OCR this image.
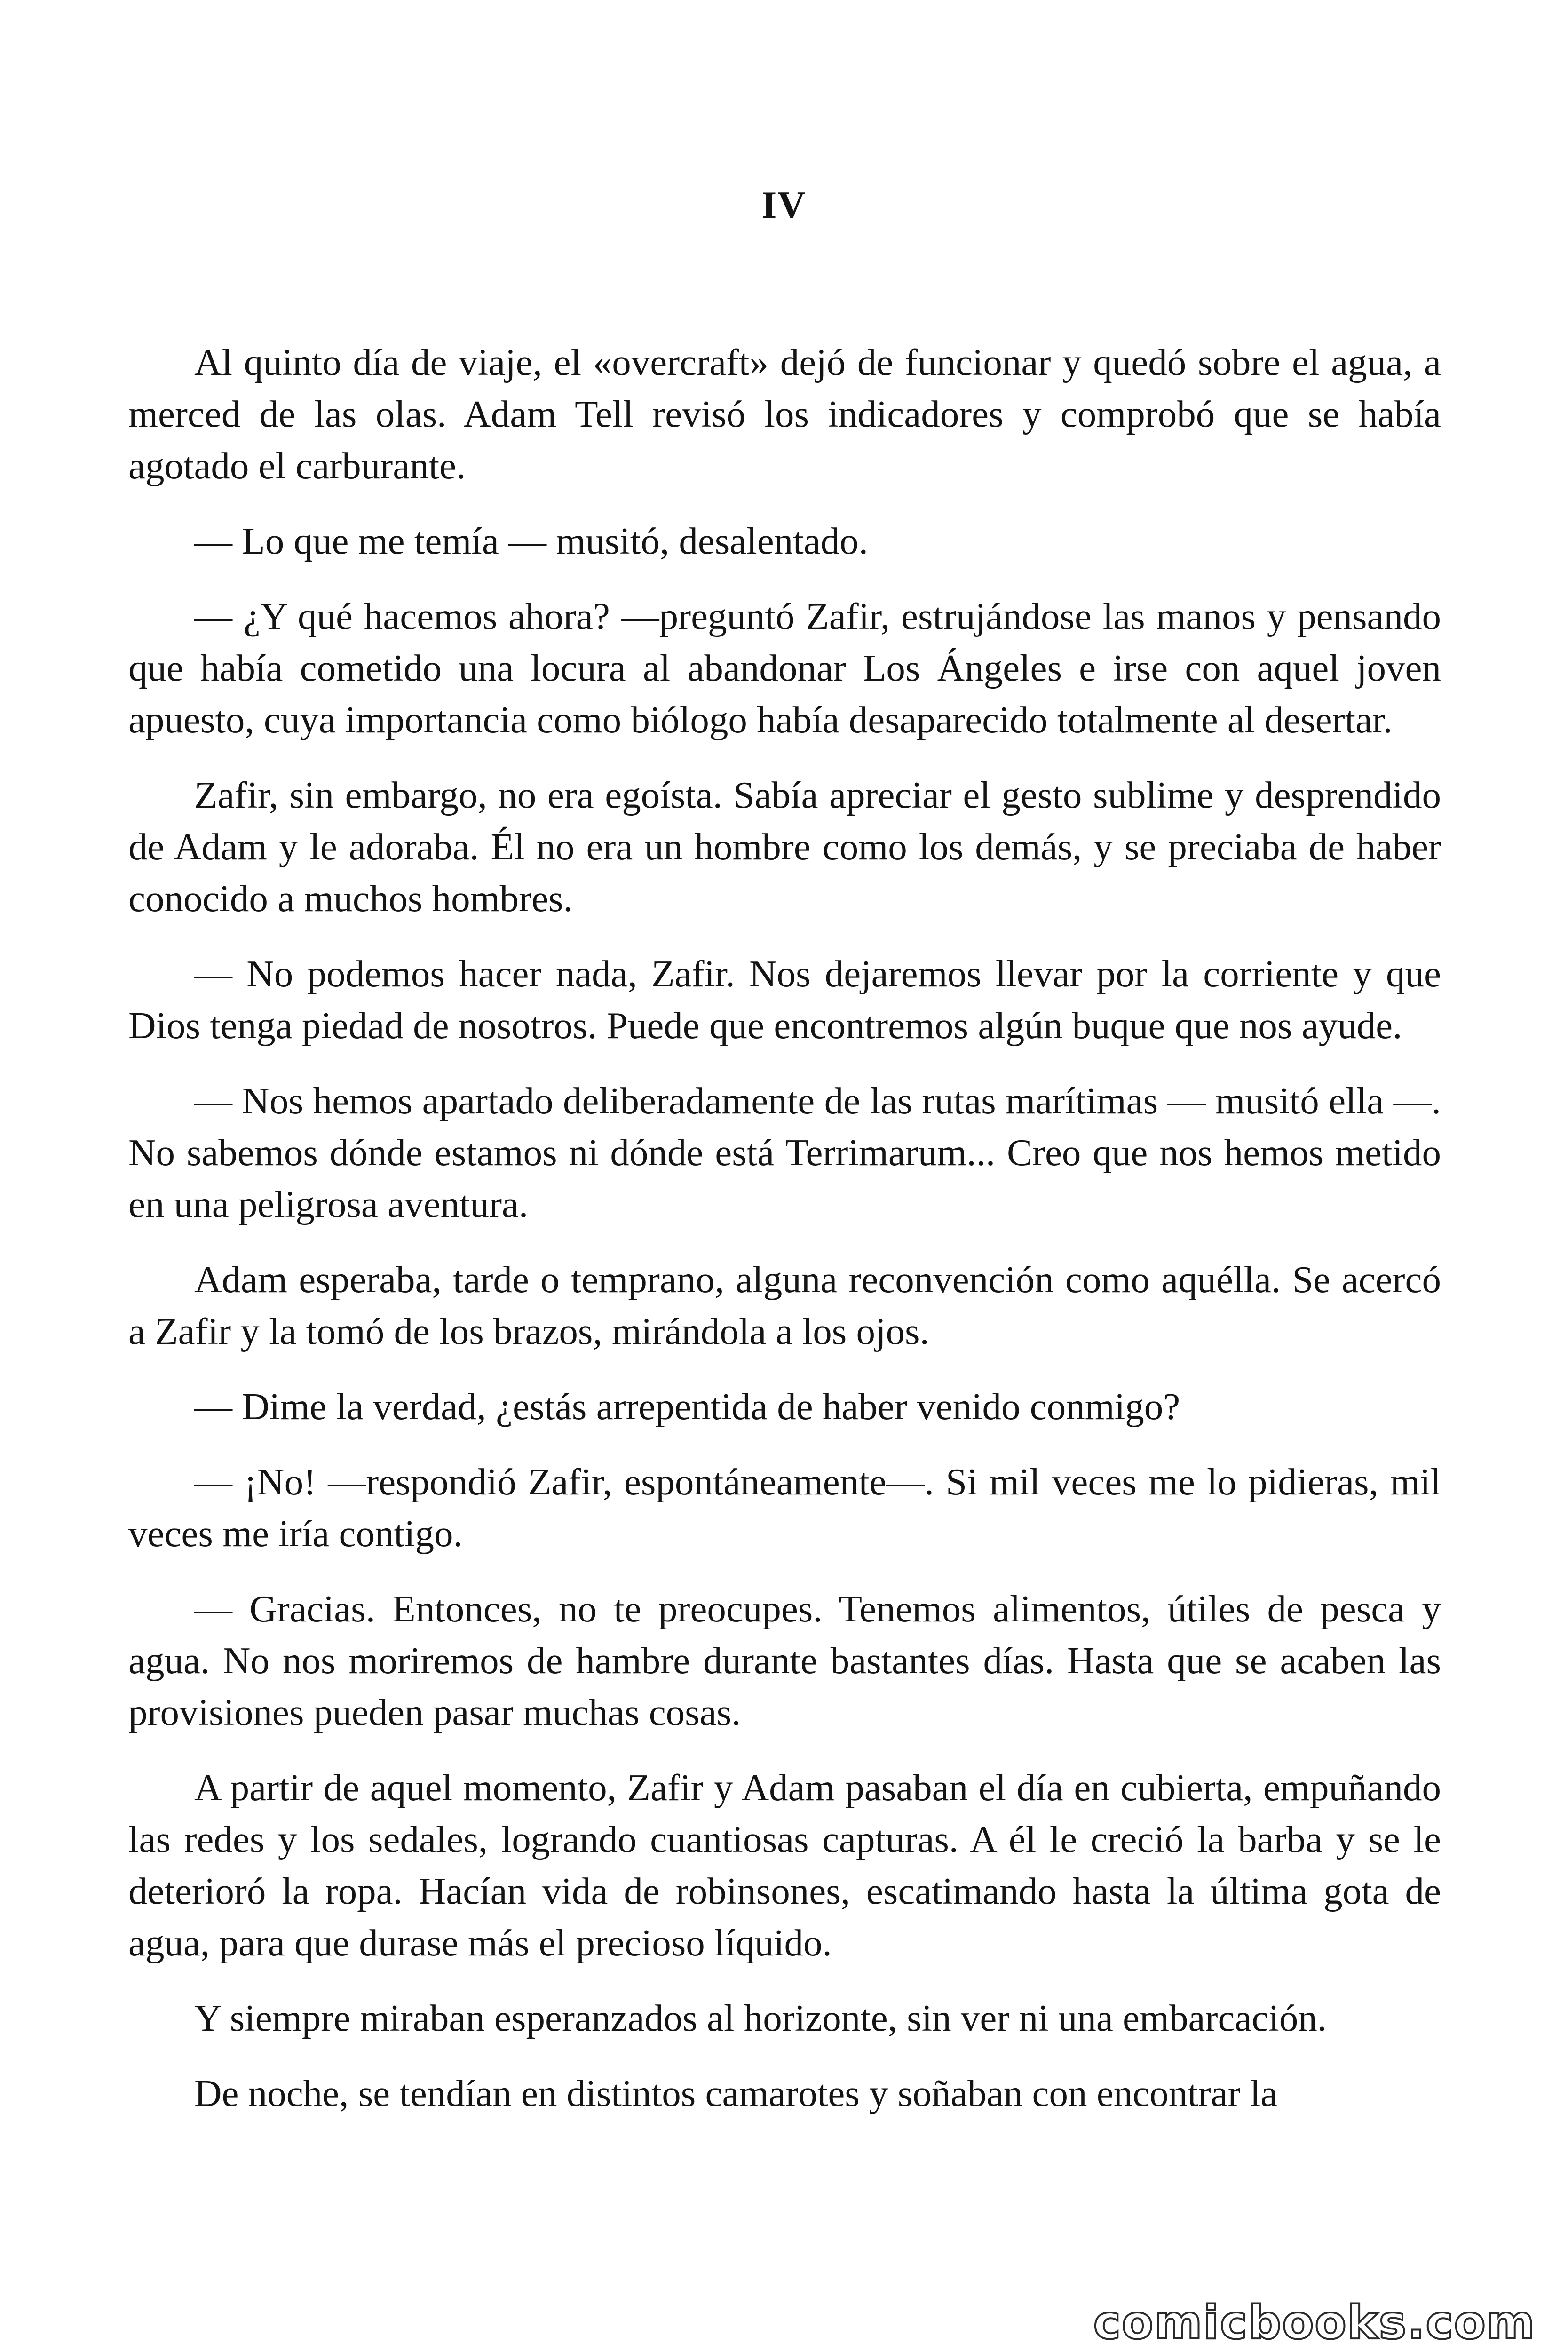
IV

Al quinto día de viaje, el «overcraft» dejó de funcionar y quedó sobre el agua, a merced de las olas. Adam Tell revisó los indicadores y comprobó que se había agotado el carburante.

— Lo que me temía — musitó, desalentado.

— ¿Y qué hacemos ahora? —preguntó Zafir, estrujándose las manos y pensando que había cometido una locura al abandonar Los Ángeles e irse con aquel joven apuesto, cuya importancia como biólogo había desaparecido totalmente al desertar.

Zafir, sin embargo, no era egoísta. Sabía apreciar el gesto sublime y desprendido de Adam y le adoraba. Él no era un hombre como los demás, y se preciaba de haber conocido a muchos hombres.

— No podemos hacer nada, Zafir. Nos dejaremos llevar por la corriente y que Dios tenga piedad de nosotros. Puede que encontremos algún buque que nos ayude.

— Nos hemos apartado deliberadamente de las rutas marítimas — musitó ella —. No sabemos dónde estamos ni dónde está Terrimarum... Creo que nos hemos metido en una peligrosa aventura.

Adam esperaba, tarde o temprano, alguna reconvención como aquélla. Se acercó a Zafir y la tomó de los brazos, mirándola a los ojos.

— Dime la verdad, ¿estás arrepentida de haber venido conmigo?

— ¡No! —respondió Zafir, espontáneamente—. Si mil veces me lo pidieras, mil veces me iría contigo.

— Gracias. Entonces, no te preocupes. Tenemos alimentos, útiles de pesca y agua. No nos moriremos de hambre durante bastantes días. Hasta que se acaben las provisiones pueden pasar muchas cosas.

A partir de aquel momento, Zafir y Adam pasaban el día en cubierta, empuñando las redes y los sedales, logrando cuantiosas capturas. A él le creció la barba y se le deterioró la ropa. Hacían vida de robinsones, escatimando hasta la última gota de agua, para que durase más el precioso líquido.

Y siempre miraban esperanzados al horizonte, sin ver ni una embarcación.

De noche, se tendían en distintos camarotes y soñaban con encontrar la

comicbooks.com
